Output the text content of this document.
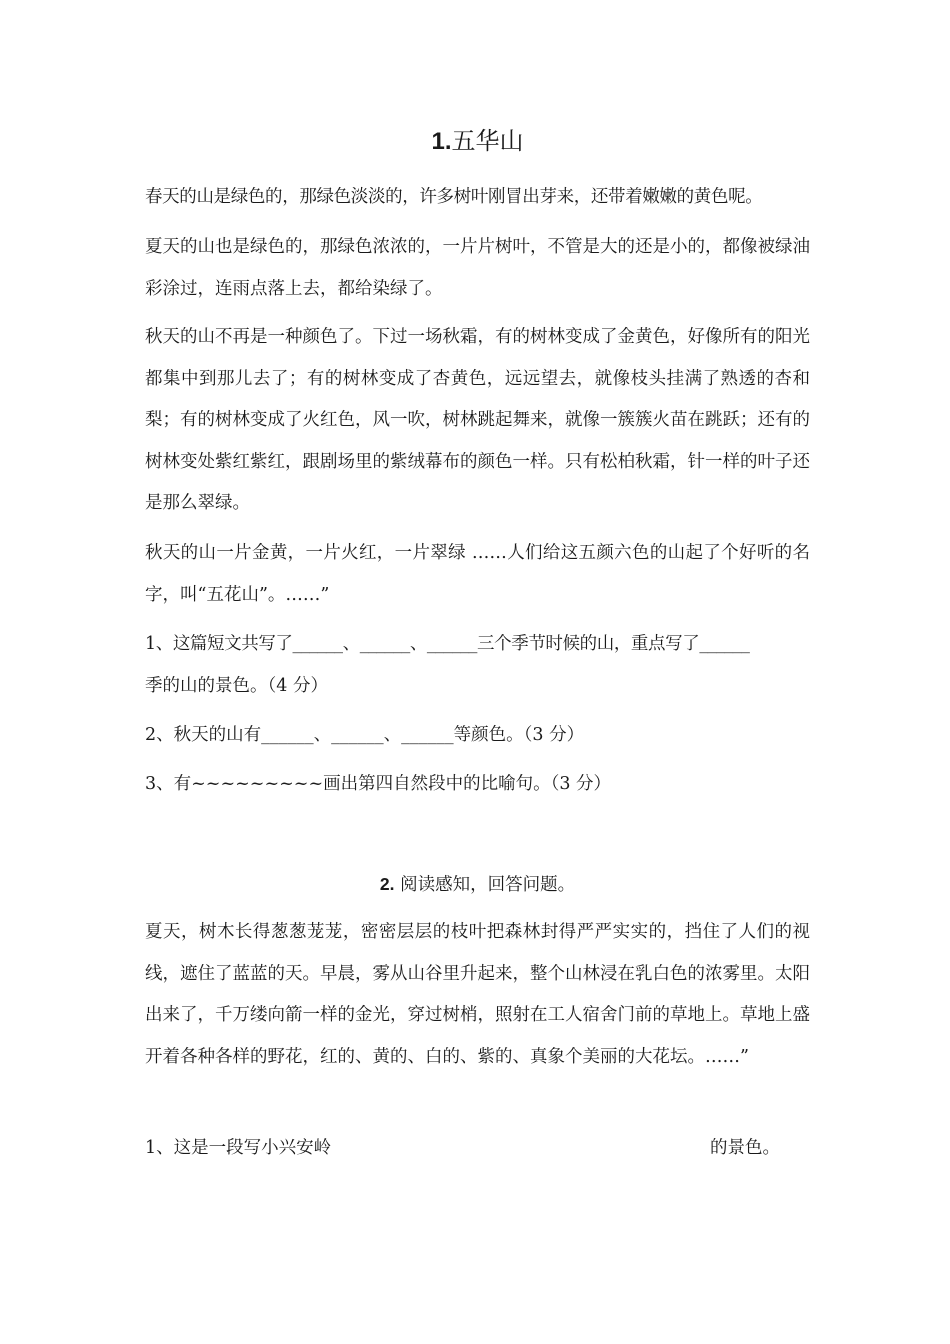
1.五华山

春天的山是绿色的，那绿色淡淡的，许多树叶刚冒出芽来，还带着嫩嫩的黄色呢。

夏天的山也是绿色的，那绿色浓浓的，一片片树叶，不管是大的还是小的，都像被绿油彩涂过，连雨点落上去，都给染绿了。

秋天的山不再是一种颜色了。下过一场秋霜，有的树林变成了金黄色，好像所有的阳光都集中到那儿去了；有的树林变成了杏黄色，远远望去，就像枝头挂满了熟透的杏和梨；有的树林变成了火红色，风一吹，树林跳起舞来，就像一簇簇火苗在跳跃；还有的树林变处紫红紫红，跟剧场里的紫绒幕布的颜色一样。只有松柏秋霜，针一样的叶子还是那么翠绿。

秋天的山一片金黄，一片火红，一片翠绿 ……人们给这五颜六色的山起了个好听的名字，叫“五花山”。……”

1、这篇短文共写了______、______、______三个季节时候的山，重点写了______

季的山的景色。（4 分）

2、秋天的山有______、______、______等颜色。（3 分）

3、有~~~~~~~~~画出第四自然段中的比喻句。（3 分）

2. 阅读感知，回答问题。

夏天，树木长得葱葱茏茏，密密层层的枝叶把森林封得严严实实的，挡住了人们的视线，遮住了蓝蓝的天。早晨，雾从山谷里升起来，整个山林浸在乳白色的浓雾里。太阳出来了，千万缕向箭一样的金光，穿过树梢，照射在工人宿舍门前的草地上。草地上盛开着各种各样的野花，红的、黄的、白的、紫的、真象个美丽的大花坛。……”

1、这是一段写小兴安岭	的景色。
